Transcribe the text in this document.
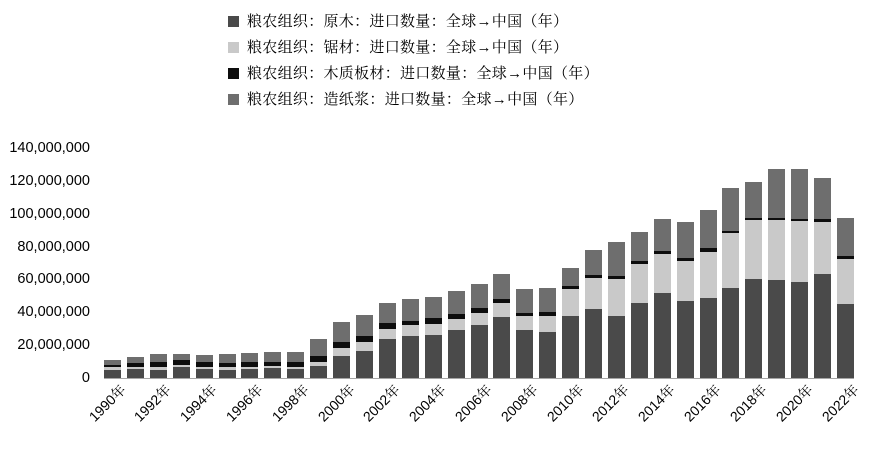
粮农组织：原木：进口数量：全球→中国（年）
粮农组织：锯材：进口数量：全球→中国（年）
粮农组织：木质板材：进口数量：全球→中国（年）
粮农组织：造纸浆：进口数量：全球→中国（年）
0
20,000,000
40,000,000
60,000,000
80,000,000
100,000,000
120,000,000
140,000,000
1990年 1992年 1994年 1996年 1998年 2000年 2002年 2004年 2006年 2008年 2010年 2012年 2014年 2016年 2018年 2020年 2022年
